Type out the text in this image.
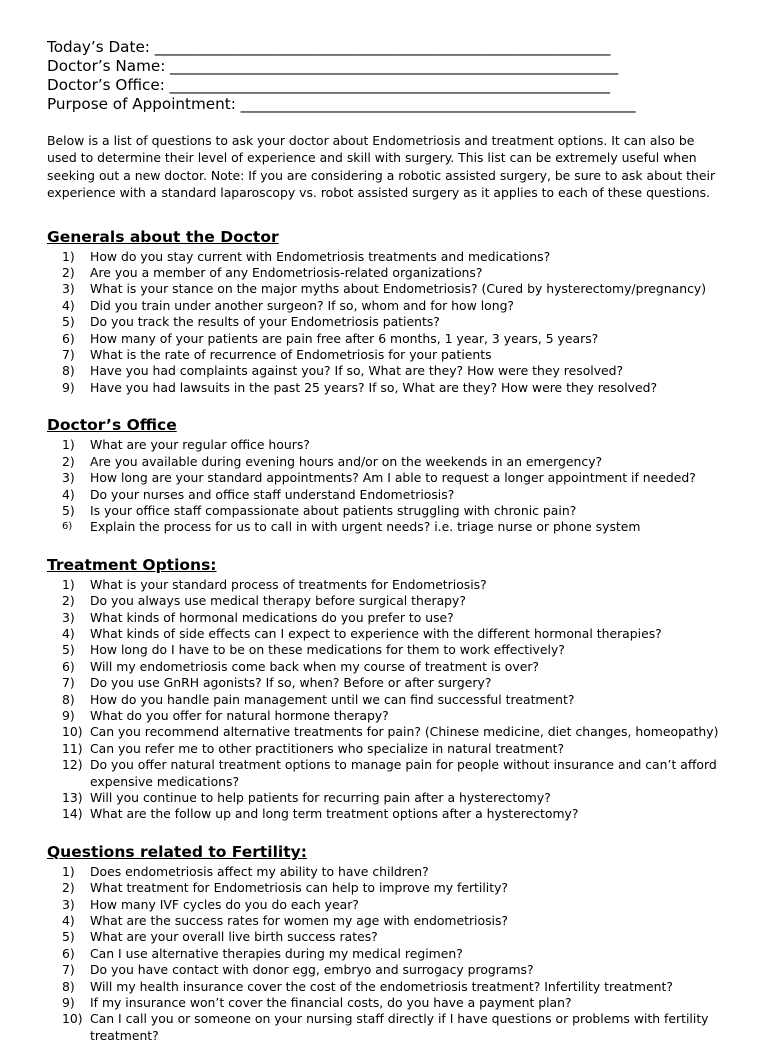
Today’s Date: ____________________________________________________________
Doctor’s Name: ___________________________________________________________
Doctor’s Office: __________________________________________________________
Purpose of Appointment: ____________________________________________________

Below is a list of questions to ask your doctor about Endometriosis and treatment options. It can also be used to determine their level of experience and skill with surgery. This list can be extremely useful when seeking out a new doctor. Note: If you are considering a robotic assisted surgery, be sure to ask about their experience with a standard laparoscopy vs. robot assisted surgery as it applies to each of these questions.

Generals about the Doctor
1)	How do you stay current with Endometriosis treatments and medications?
2)	Are you a member of any Endometriosis-related organizations?
3)	What is your stance on the major myths about Endometriosis? (Cured by hysterectomy/pregnancy)
4)	Did you train under another surgeon? If so, whom and for how long?
5)	Do you track the results of your Endometriosis patients?
6)	How many of your patients are pain free after 6 months, 1 year, 3 years, 5 years?
7)	What is the rate of recurrence of Endometriosis for your patients
8)	Have you had complaints against you? If so, What are they? How were they resolved?
9)	Have you had lawsuits in the past 25 years? If so, What are they? How were they resolved?
Doctor’s Office
1)	What are your regular office hours?
2)	Are you available during evening hours and/or on the weekends in an emergency?
3)	How long are your standard appointments? Am I able to request a longer appointment if needed?
4)	Do your nurses and office staff understand Endometriosis?
5)	Is your office staff compassionate about patients struggling with chronic pain?
6)	Explain the process for us to call in with urgent needs? i.e. triage nurse or phone system
Treatment Options:
1)	What is your standard process of treatments for Endometriosis?
2)	Do you always use medical therapy before surgical therapy?
3)	What kinds of hormonal medications do you prefer to use?
4)	What kinds of side effects can I expect to experience with the different hormonal therapies?
5)	How long do I have to be on these medications for them to work effectively?
6)	Will my endometriosis come back when my course of treatment is over?
7)	Do you use GnRH agonists? If so, when? Before or after surgery?
8)	How do you handle pain management until we can find successful treatment?
9)	What do you offer for natural hormone therapy?
10) Can you recommend alternative treatments for pain? (Chinese medicine, diet changes, homeopathy)
11) Can you refer me to other practitioners who specialize in natural treatment?
12) Do you offer natural treatment options to manage pain for people without insurance and can’t afford expensive medications?
13) Will you continue to help patients for recurring pain after a hysterectomy?
14) What are the follow up and long term treatment options after a hysterectomy?
Questions related to Fertility:
1)	Does endometriosis affect my ability to have children?
2)	What treatment for Endometriosis can help to improve my fertility?
3)	How many IVF cycles do you do each year?
4)	What are the success rates for women my age with endometriosis?
5)	What are your overall live birth success rates?
6)	Can I use alternative therapies during my medical regimen?
7)	Do you have contact with donor egg, embryo and surrogacy programs?
8)	Will my health insurance cover the cost of the endometriosis treatment? Infertility treatment?
9)	If my insurance won’t cover the financial costs, do you have a payment plan?
10) Can I call you or someone on your nursing staff directly if I have questions or problems with fertility treatment?
